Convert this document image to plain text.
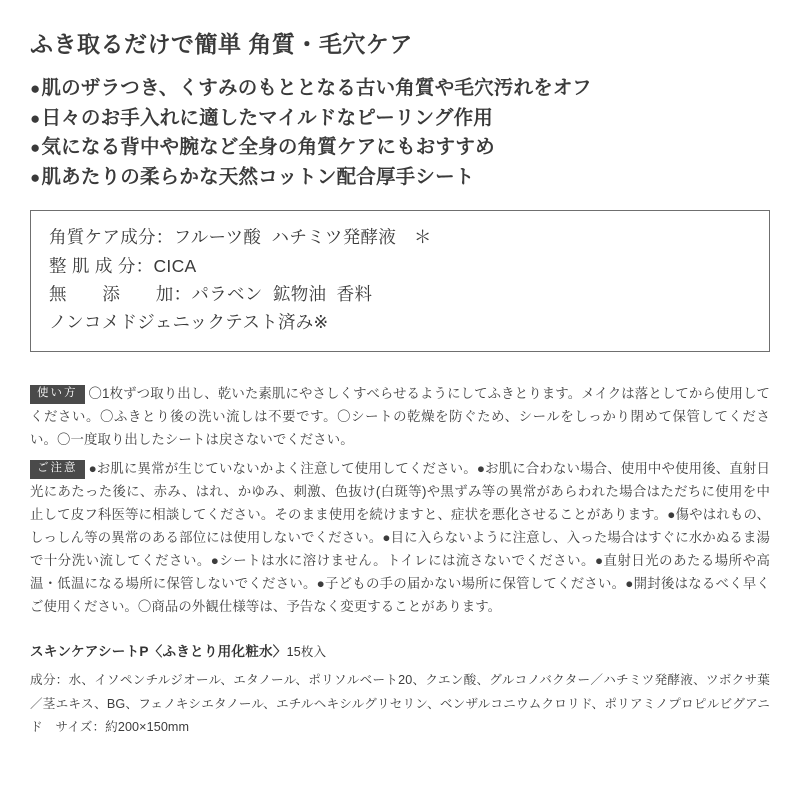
ふき取るだけで簡単 角質・毛穴ケア
● 肌のザラつき、くすみのもととなる古い角質や毛穴汚れをオフ
● 日々のお手入れに適したマイルドなピーリング作用
● 気になる背中や腕など全身の角質ケアにもおすすめ
● 肌あたりの柔らかな天然コットン配合厚手シート
角質ケア成分：フルーツ酸  ハチミツ発酵液　＊
整 肌 成 分：CICA
無　　添　　加：パラベン  鉱物油  香料
ノンコメドジェニックテスト済み※
使い方 〇1枚ずつ取り出し、乾いた素肌にやさしくすべらせるようにしてふきとります。メイクは落としてから使用してください。〇ふきとり後の洗い流しは不要です。〇シートの乾燥を防ぐため、シールをしっかり閉めて保管してください。〇一度取り出したシートは戻さないでください。
ご注意 ●お肌に異常が生じていないかよく注意して使用してください。●お肌に合わない場合、使用中や使用後、直射日光にあたった後に、赤み、はれ、かゆみ、刺激、色抜け(白斑等)や黒ずみ等の異常があらわれた場合はただちに使用を中止して皮フ科医等に相談してください。そのまま使用を続けますと、症状を悪化させることがあります。●傷やはれもの、しっしん等の異常のある部位には使用しないでください。●目に入らないように注意し、入った場合はすぐに水かぬるま湯で十分洗い流してください。●シートは水に溶けません。トイレには流さないでください。●直射日光のあたる場所や高温・低温になる場所に保管しないでください。●子どもの手の届かない場所に保管してください。●開封後はなるべく早くご使用ください。〇商品の外観仕様等は、予告なく変更することがあります。
スキンケアシートP〈ふきとり用化粧水〉15枚入
成分：水、イソペンチルジオール、エタノール、ポリソルベート20、クエン酸、グルコノバクター／ハチミツ発酵液、ツボクサ葉／茎エキス、BG、フェノキシエタノール、エチルヘキシルグリセリン、ベンザルコニウムクロリド、ポリアミノプロピルビグアニド　サイズ：約200×150mm
